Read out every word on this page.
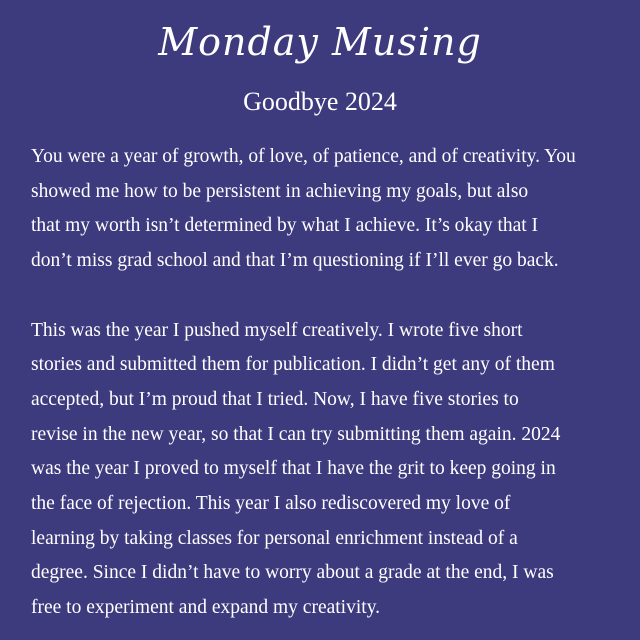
Monday Musing
Goodbye 2024
You were a year of growth, of love, of patience, and of creativity. You
showed me how to be persistent in achieving my goals, but also
that my worth isn’t determined by what I achieve. It’s okay that I
don’t miss grad school and that I’m questioning if I’ll ever go back.
This was the year I pushed myself creatively. I wrote five short
stories and submitted them for publication. I didn’t get any of them
accepted, but I’m proud that I tried. Now, I have five stories to
revise in the new year, so that I can try submitting them again. 2024
was the year I proved to myself that I have the grit to keep going in
the face of rejection. This year I also rediscovered my love of
learning by taking classes for personal enrichment instead of a
degree. Since I didn’t have to worry about a grade at the end, I was
free to experiment and expand my creativity.
